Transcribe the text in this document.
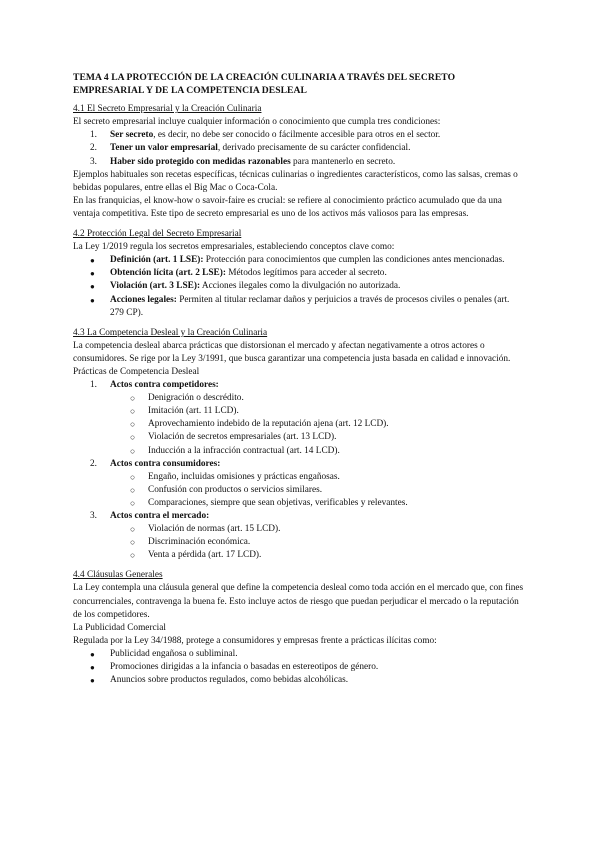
TEMA 4 LA PROTECCIÓN DE LA CREACIÓN CULINARIA A TRAVÉS DEL SECRETO EMPRESARIAL Y DE LA COMPETENCIA DESLEAL

4.1 El Secreto Empresarial y la Creación Culinaria

El secreto empresarial incluye cualquier información o conocimiento que cumpla tres condiciones:

1. Ser secreto, es decir, no debe ser conocido o fácilmente accesible para otros en el sector.
2. Tener un valor empresarial, derivado precisamente de su carácter confidencial.
3. Haber sido protegido con medidas razonables para mantenerlo en secreto.

Ejemplos habituales son recetas específicas, técnicas culinarias o ingredientes característicos, como las salsas, cremas o bebidas populares, entre ellas el Big Mac o Coca-Cola.

En las franquicias, el know-how o savoir-faire es crucial: se refiere al conocimiento práctico acumulado que da una ventaja competitiva. Este tipo de secreto empresarial es uno de los activos más valiosos para las empresas.

4.2 Protección Legal del Secreto Empresarial

La Ley 1/2019 regula los secretos empresariales, estableciendo conceptos clave como:

● Definición (art. 1 LSE): Protección para conocimientos que cumplen las condiciones antes mencionadas.
● Obtención lícita (art. 2 LSE): Métodos legítimos para acceder al secreto.
● Violación (art. 3 LSE): Acciones ilegales como la divulgación no autorizada.
● Acciones legales: Permiten al titular reclamar daños y perjuicios a través de procesos civiles o penales (art. 279 CP).

4.3 La Competencia Desleal y la Creación Culinaria

La competencia desleal abarca prácticas que distorsionan el mercado y afectan negativamente a otros actores o consumidores. Se rige por la Ley 3/1991, que busca garantizar una competencia justa basada en calidad e innovación.

Prácticas de Competencia Desleal

1. Actos contra competidores:
○ Denigración o descrédito.
○ Imitación (art. 11 LCD).
○ Aprovechamiento indebido de la reputación ajena (art. 12 LCD).
○ Violación de secretos empresariales (art. 13 LCD).
○ Inducción a la infracción contractual (art. 14 LCD).
2. Actos contra consumidores:
○ Engaño, incluidas omisiones y prácticas engañosas.
○ Confusión con productos o servicios similares.
○ Comparaciones, siempre que sean objetivas, verificables y relevantes.
3. Actos contra el mercado:
○ Violación de normas (art. 15 LCD).
○ Discriminación económica.
○ Venta a pérdida (art. 17 LCD).

4.4 Cláusulas Generales

La Ley contempla una cláusula general que define la competencia desleal como toda acción en el mercado que, con fines concurrenciales, contravenga la buena fe. Esto incluye actos de riesgo que puedan perjudicar el mercado o la reputación de los competidores.

La Publicidad Comercial

Regulada por la Ley 34/1988, protege a consumidores y empresas frente a prácticas ilícitas como:

● Publicidad engañosa o subliminal.
● Promociones dirigidas a la infancia o basadas en estereotipos de género.
● Anuncios sobre productos regulados, como bebidas alcohólicas.
